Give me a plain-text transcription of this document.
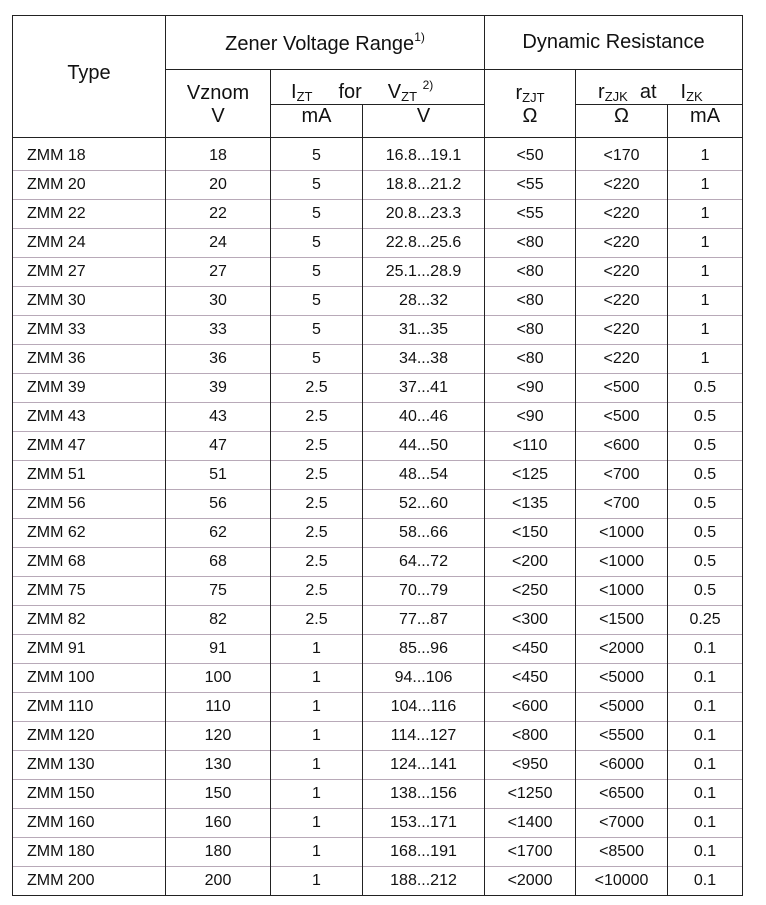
Type	Zener Voltage Range$^{1)}$			Dynamic Resistance		
	Vznom	$I_{ZT}$ for $V_{ZT}$ $^{2)}$		$r_{ZJT}$	$r_{ZJK}$ at $I_{ZK}$
	V	mA	V	Ω	Ω	mA
ZMM 18	18	5	16.8...19.1	<50	<170	1
ZMM 20	20	5	18.8...21.2	<55	<220	1
ZMM 22	22	5	20.8...23.3	<55	<220	1
ZMM 24	24	5	22.8...25.6	<80	<220	1
ZMM 27	27	5	25.1...28.9	<80	<220	1
ZMM 30	30	5	28...32	<80	<220	1
ZMM 33	33	5	31...35	<80	<220	1
ZMM 36	36	5	34...38	<80	<220	1
ZMM 39	39	2.5	37...41	<90	<500	0.5
ZMM 43	43	2.5	40...46	<90	<500	0.5
ZMM 47	47	2.5	44...50	<110	<600	0.5
ZMM 51	51	2.5	48...54	<125	<700	0.5
ZMM 56	56	2.5	52...60	<135	<700	0.5
ZMM 62	62	2.5	58...66	<150	<1000	0.5
ZMM 68	68	2.5	64...72	<200	<1000	0.5
ZMM 75	75	2.5	70...79	<250	<1000	0.5
ZMM 82	82	2.5	77...87	<300	<1500	0.25
ZMM 91	91	1	85...96	<450	<2000	0.1
ZMM 100	100	1	94...106	<450	<5000	0.1
ZMM 110	110	1	104...116	<600	<5000	0.1
ZMM 120	120	1	114...127	<800	<5500	0.1
ZMM 130	130	1	124...141	<950	<6000	0.1
ZMM 150	150	1	138...156	<1250	<6500	0.1
ZMM 160	160	1	153...171	<1400	<7000	0.1
ZMM 180	180	1	168...191	<1700	<8500	0.1
ZMM 200	200	1	188...212	<2000	<10000	0.1
